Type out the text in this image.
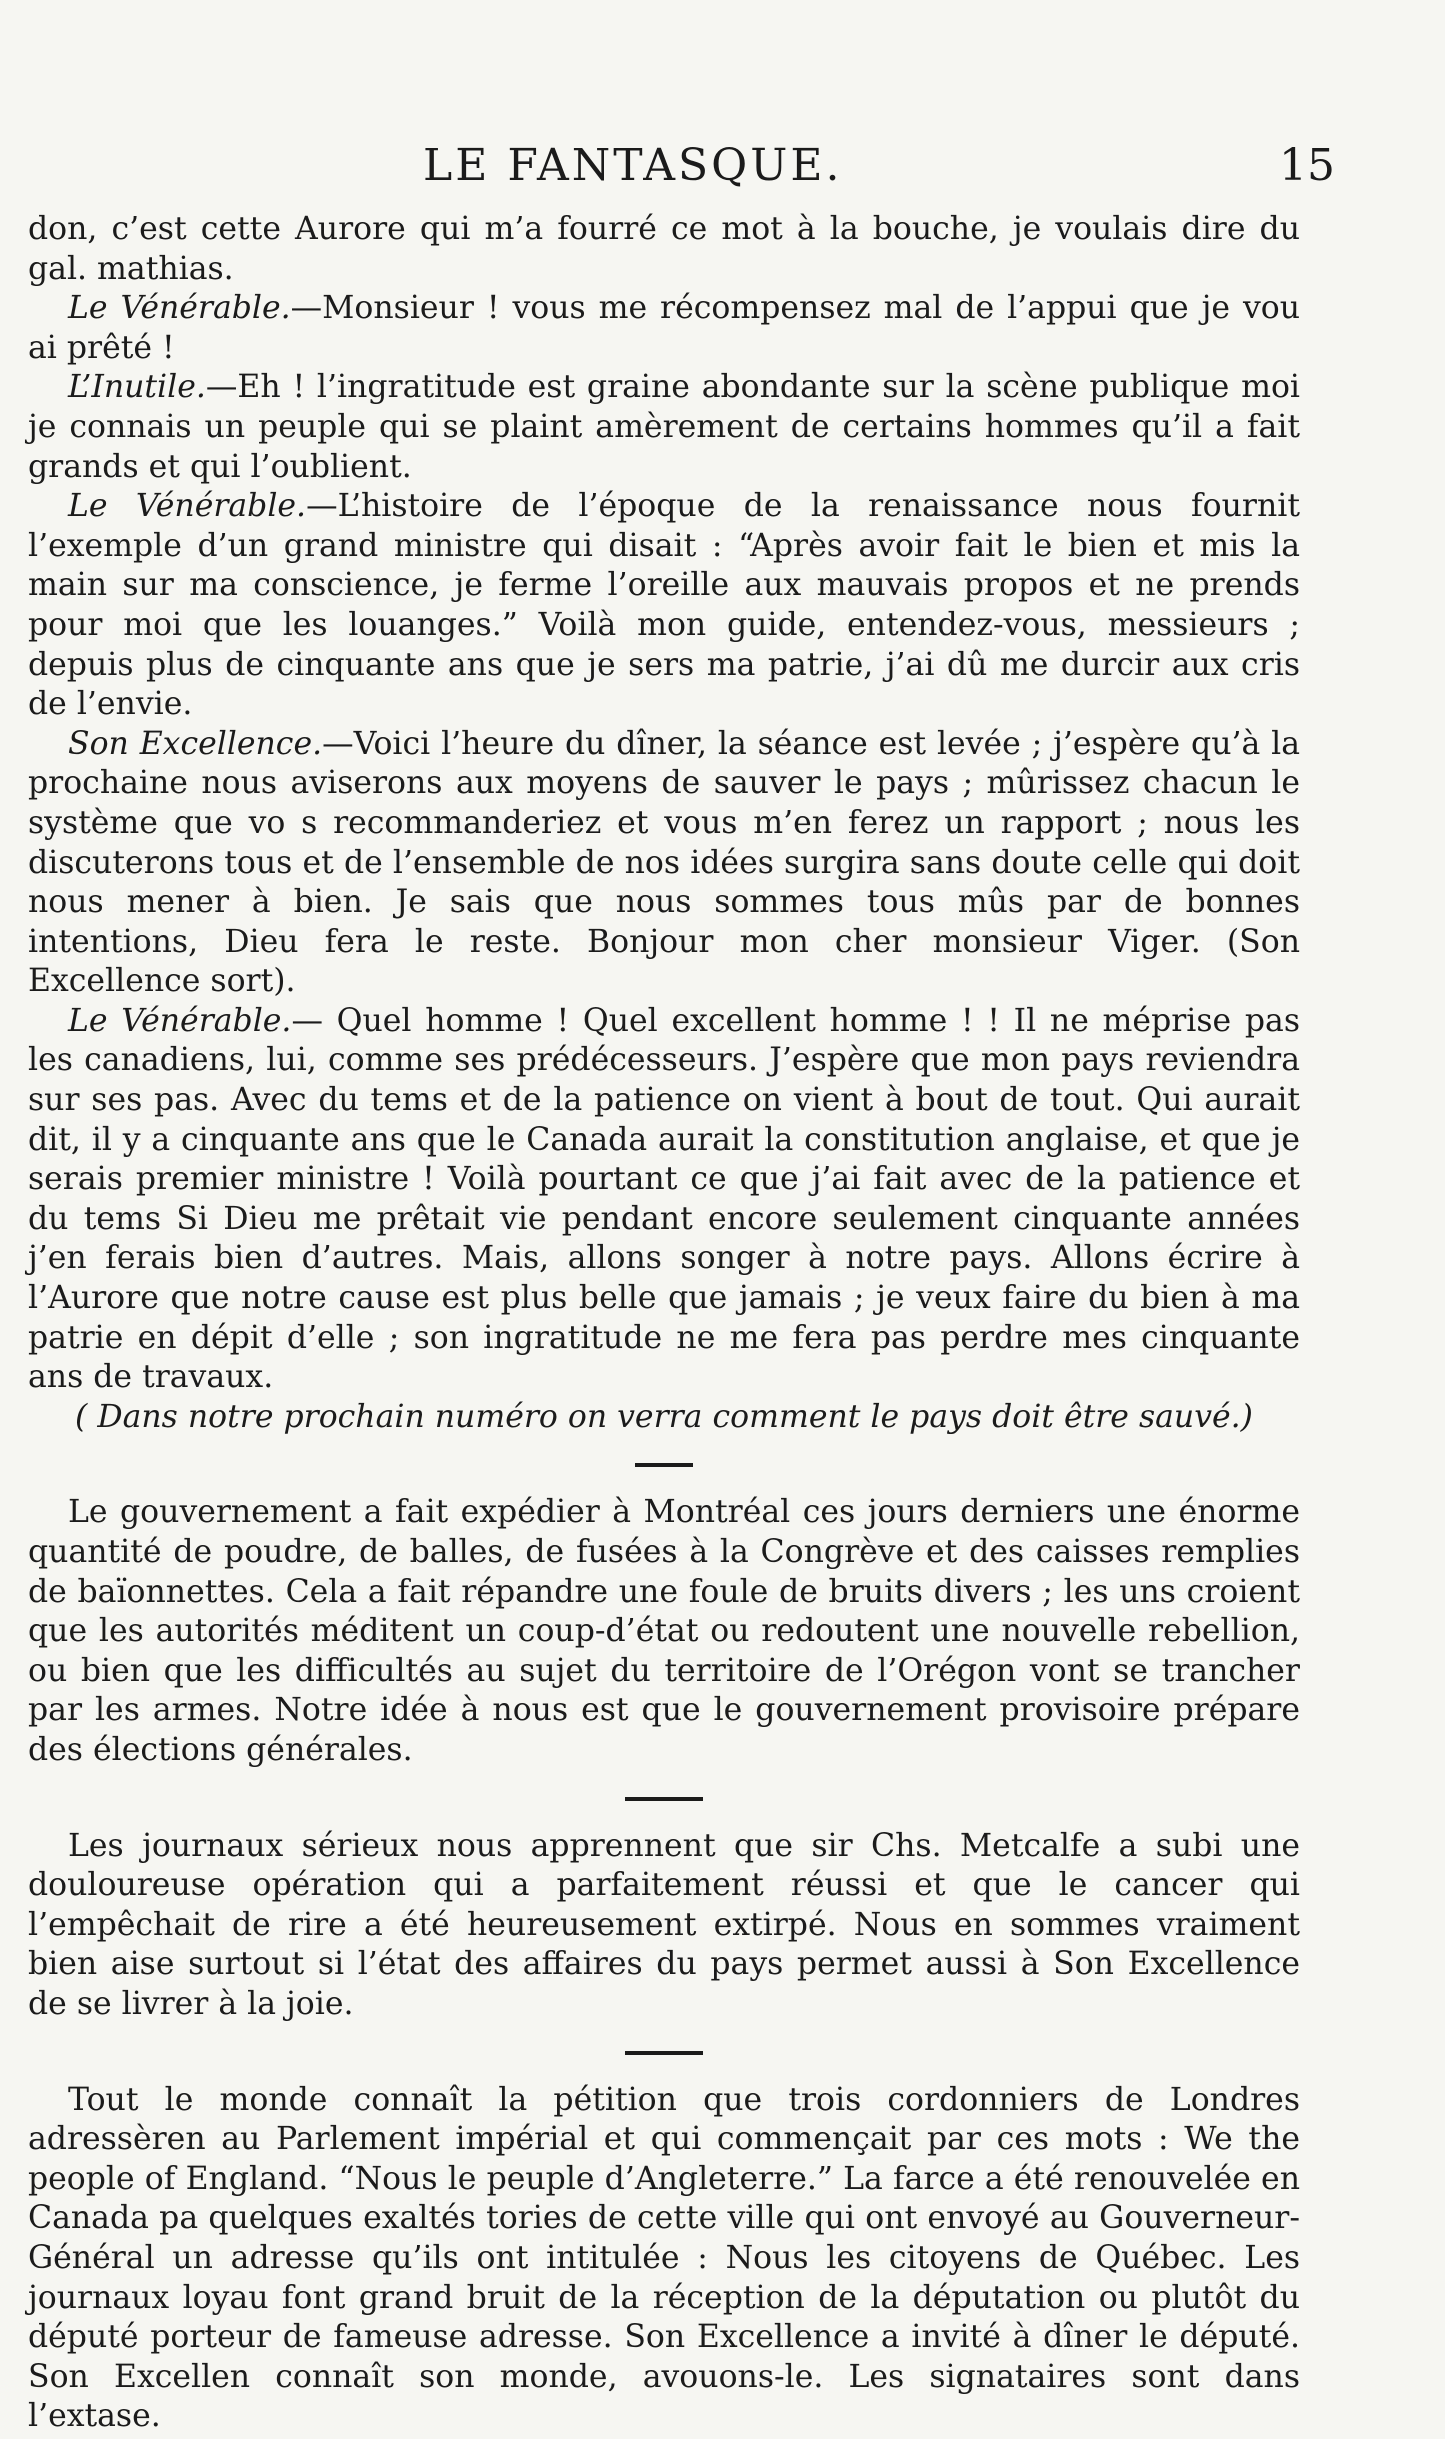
LE FANTASQUE.	15

don, c’est cette Aurore qui m’a fourré ce mot à la bouche, je voulais dire du gal. mathias.

Le Vénérable.—Monsieur ! vous me récompensez mal de l’appui que je vou ai prêté !

L’Inutile.—Eh ! l’ingratitude est graine abondante sur la scène publique moi je connais un peuple qui se plaint amèrement de certains hommes qu’il a fait grands et qui l’oublient.

Le Vénérable.—L’histoire de l’époque de la renaissance nous fournit l’exemple d’un grand ministre qui disait : “Après avoir fait le bien et mis la main sur ma conscience, je ferme l’oreille aux mauvais propos et ne prends pour moi que les louanges.” Voilà mon guide, entendez-vous, messieurs ; depuis plus de cinquante ans que je sers ma patrie, j’ai dû me durcir aux cris de l’envie.

Son Excellence.—Voici l’heure du dîner, la séance est levée ; j’espère qu’à la prochaine nous aviserons aux moyens de sauver le pays ; mûrissez chacun le système que vo s recommanderiez et vous m’en ferez un rapport ; nous les discuterons tous et de l’ensemble de nos idées surgira sans doute celle qui doit nous mener à bien. Je sais que nous sommes tous mûs par de bonnes intentions, Dieu fera le reste. Bonjour mon cher monsieur Viger. (Son Excellence sort).

Le Vénérable.— Quel homme ! Quel excellent homme ! ! Il ne méprise pas les canadiens, lui, comme ses prédécesseurs. J’espère que mon pays reviendra sur ses pas. Avec du tems et de la patience on vient à bout de tout. Qui aurait dit, il y a cinquante ans que le Canada aurait la constitution anglaise, et que je serais premier ministre ! Voilà pourtant ce que j’ai fait avec de la patience et du tems Si Dieu me prêtait vie pendant encore seulement cinquante années j’en ferais bien d’autres. Mais, allons songer à notre pays. Allons écrire à l’Aurore que notre cause est plus belle que jamais ; je veux faire du bien à ma patrie en dépit d’elle ; son ingratitude ne me fera pas perdre mes cinquante ans de travaux.

( Dans notre prochain numéro on verra comment le pays doit être sauvé.)

Le gouvernement a fait expédier à Montréal ces jours derniers une énorme quantité de poudre, de balles, de fusées à la Congrève et des caisses remplies de baïonnettes. Cela a fait répandre une foule de bruits divers ; les uns croient que les autorités méditent un coup-d’état ou redoutent une nouvelle rebellion, ou bien que les difficultés au sujet du territoire de l’Orégon vont se trancher par les armes. Notre idée à nous est que le gouvernement provisoire prépare des élections générales.

Les journaux sérieux nous apprennent que sir Chs. Metcalfe a subi une douloureuse opération qui a parfaitement réussi et que le cancer qui l’empêchait de rire a été heureusement extirpé. Nous en sommes vraiment bien aise surtout si l’état des affaires du pays permet aussi à Son Excellence de se livrer à la joie.

Tout le monde connaît la pétition que trois cordonniers de Londres adressèren au Parlement impérial et qui commençait par ces mots : We the people of England. “Nous le peuple d’Angleterre.” La farce a été renouvelée en Canada pa quelques exaltés tories de cette ville qui ont envoyé au Gouverneur-Général un adresse qu’ils ont intitulée : Nous les citoyens de Québec. Les journaux loyau font grand bruit de la réception de la députation ou plutôt du député porteur de fameuse adresse. Son Excellence a invité à dîner le député. Son Excellen connaît son monde, avouons-le. Les signataires sont dans l’extase.
